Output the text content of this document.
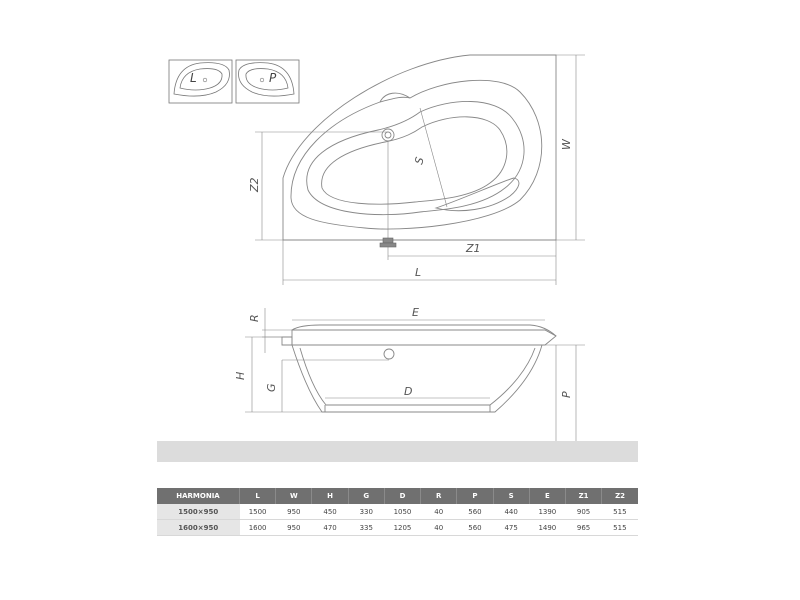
L	P
W
Z2
S
Z1
L
R	E
H
G	D	P
HARMONIA	L	W	H	G	D	R	P	S	E	Z1	Z2
1500×950	1500	950	450	330	1050	40	560	440	1390	905	515
1600×950	1600	950	470	335	1205	40	560	475	1490	965	515
